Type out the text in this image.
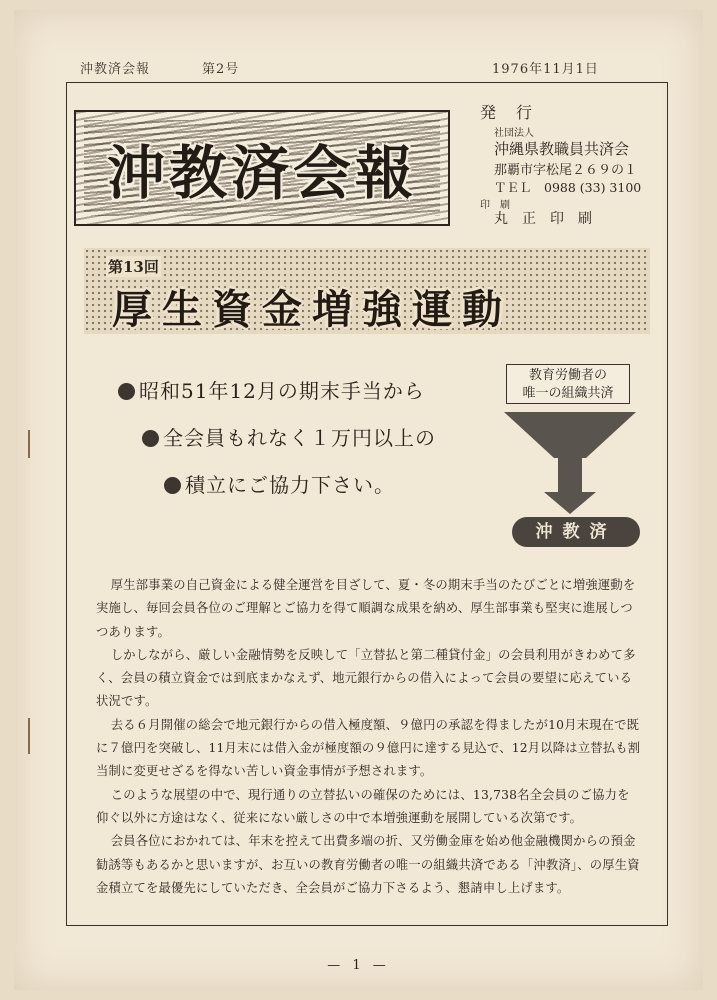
沖教済会報	第2号	1976年11月1日
沖教済会報
発　行
社団法人
沖縄県教職員共済会
那覇市字松尾２６９の１
ＴＥＬ　0988 (33) 3100
印　刷
丸　正　印　刷
第13回
厚生資金増強運動
昭和51年12月の期末手当から
全会員もれなく１万円以上の
積立にご協力下さい。
教育労働者の
唯一の組織共済
沖教済

厚生部事業の自己資金による健全運営を目ざして、夏・冬の期末手当のたびごとに増強運動を実施し、毎回会員各位のご理解とご協力を得て順調な成果を納め、厚生部事業も堅実に進展しつつあります。

しかしながら、厳しい金融情勢を反映して「立替払と第二種貸付金」の会員利用がきわめて多く、会員の積立資金では到底まかなえず、地元銀行からの借入によって会員の要望に応えている状況です。

去る６月開催の総会で地元銀行からの借入極度額、９億円の承認を得ましたが10月末現在で既に７億円を突破し、11月末には借入金が極度額の９億円に達する見込で、12月以降は立替払も割当制に変更せざるを得ない苦しい資金事情が予想されます。

このような展望の中で、現行通りの立替払いの確保のためには、13,738名全会員のご協力を仰ぐ以外に方途はなく、従来にない厳しさの中で本増強運動を展開している次第です。

会員各位におかれては、年末を控えて出費多端の折、又労働金庫を始め他金融機関からの預金勧誘等もあるかと思いますが、お互いの教育労働者の唯一の組織共済である「沖教済」、の厚生資金積立てを最優先にしていただき、全会員がご協力下さるよう、懇請申し上げます。

— 1 —
